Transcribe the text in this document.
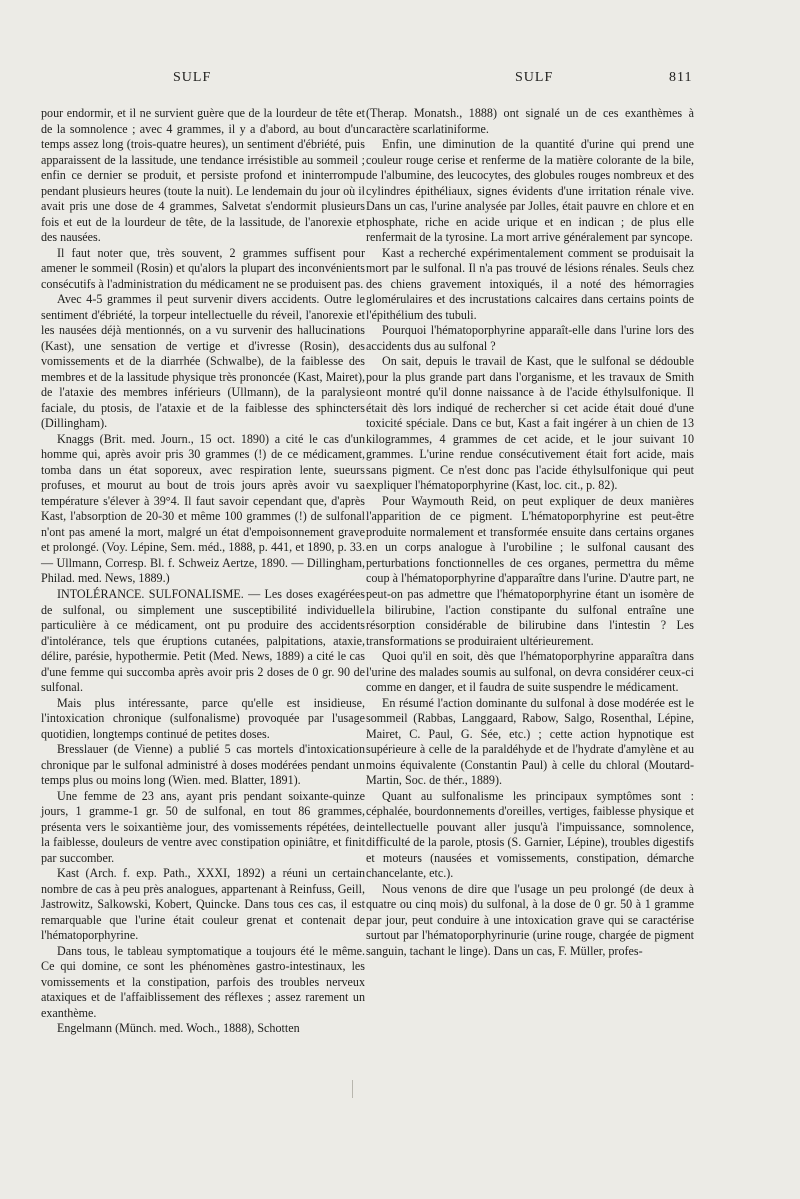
SULF	SULF	811

pour endormir, et il ne survient guère que de la lourdeur de tête et de la somnolence ; avec 4 grammes, il y a d'abord, au bout d'un temps assez long (trois-quatre heures), un sentiment d'ébriété, puis apparaissent de la lassitude, une tendance irrésistible au sommeil ; enfin ce dernier se produit, et persiste profond et ininterrompu pendant plusieurs heures (toute la nuit). Le lendemain du jour où il avait pris une dose de 4 grammes, Salvetat s'endormit plusieurs fois et eut de la lourdeur de tête, de la lassitude, de l'anorexie et des nausées.

Il faut noter que, très souvent, 2 grammes suffisent pour amener le sommeil (Rosin) et qu'alors la plupart des inconvénients consécutifs à l'administration du médicament ne se produisent pas.

Avec 4-5 grammes il peut survenir divers accidents. Outre le sentiment d'ébriété, la torpeur intellectuelle du réveil, l'anorexie et les nausées déjà mentionnés, on a vu survenir des hallucinations (Kast), une sensation de vertige et d'ivresse (Rosin), des vomissements et de la diarrhée (Schwalbe), de la faiblesse des membres et de la lassitude physique très prononcée (Kast, Mairet), de l'ataxie des membres inférieurs (Ullmann), de la paralysie faciale, du ptosis, de l'ataxie et de la faiblesse des sphincters (Dillingham).

Knaggs (Brit. med. Journ., 15 oct. 1890) a cité le cas d'un homme qui, après avoir pris 30 grammes (!) de ce médicament, tomba dans un état soporeux, avec respiration lente, sueurs profuses, et mourut au bout de trois jours après avoir vu sa température s'élever à 39°4. Il faut savoir cependant que, d'après Kast, l'absorption de 20-30 et même 100 grammes (!) de sulfonal n'ont pas amené la mort, malgré un état d'empoisonnement grave et prolongé. (Voy. Lépine, Sem. méd., 1888, p. 441, et 1890, p. 33. — Ullmann, Corresp. Bl. f. Schweiz Aertze, 1890. — Dillingham, Philad. med. News, 1889.)

INTOLÉRANCE. SULFONALISME. — Les doses exagérées de sulfonal, ou simplement une susceptibilité individuelle particulière à ce médicament, ont pu produire des accidents d'intolérance, tels que éruptions cutanées, palpitations, ataxie, délire, parésie, hypothermie. Petit (Med. News, 1889) a cité le cas d'une femme qui succomba après avoir pris 2 doses de 0 gr. 90 de sulfonal.

Mais plus intéressante, parce qu'elle est insidieuse, l'intoxication chronique (sulfonalisme) provoquée par l'usage quotidien, longtemps continué de petites doses.

Bresslauer (de Vienne) a publié 5 cas mortels d'intoxication chronique par le sulfonal administré à doses modérées pendant un temps plus ou moins long (Wien. med. Blatter, 1891).

Une femme de 23 ans, ayant pris pendant soixante-quinze jours, 1 gramme-1 gr. 50 de sulfonal, en tout 86 grammes, présenta vers le soixantième jour, des vomissements répétées, de la faiblesse, douleurs de ventre avec constipation opiniâtre, et finit par succomber.

Kast (Arch. f. exp. Path., XXXI, 1892) a réuni un certain nombre de cas à peu près analogues, appartenant à Reinfuss, Geill, Jastrowitz, Salkowski, Kobert, Quincke. Dans tous ces cas, il est remarquable que l'urine était couleur grenat et contenait de l'hématoporphyrine.

Dans tous, le tableau symptomatique a toujours été le même. Ce qui domine, ce sont les phénomènes gastro-intestinaux, les vomissements et la constipation, parfois des troubles nerveux ataxiques et de l'affaiblissement des réflexes ; assez rarement un exanthème.

Engelmann (Münch. med. Woch., 1888), Schotten

(Therap. Monatsh., 1888) ont signalé un de ces exanthèmes à caractère scarlatiniforme.

Enfin, une diminution de la quantité d'urine qui prend une couleur rouge cerise et renferme de la matière colorante de la bile, de l'albumine, des leucocytes, des globules rouges nombreux et des cylindres épithéliaux, signes évidents d'une irritation rénale vive. Dans un cas, l'urine analysée par Jolles, était pauvre en chlore et en phosphate, riche en acide urique et en indican ; de plus elle renfermait de la tyrosine. La mort arrive généralement par syncope.

Kast a recherché expérimentalement comment se produisait la mort par le sulfonal. Il n'a pas trouvé de lésions rénales. Seuls chez des chiens gravement intoxiqués, il a noté des hémorragies glomérulaires et des incrustations calcaires dans certains points de l'épithélium des tubuli.

Pourquoi l'hématoporphyrine apparaît-elle dans l'urine lors des accidents dus au sulfonal ?

On sait, depuis le travail de Kast, que le sulfonal se dédouble pour la plus grande part dans l'organisme, et les travaux de Smith ont montré qu'il donne naissance à de l'acide éthylsulfonique. Il était dès lors indiqué de rechercher si cet acide était doué d'une toxicité spéciale. Dans ce but, Kast a fait ingérer à un chien de 13 kilogrammes, 4 grammes de cet acide, et le jour suivant 10 grammes. L'urine rendue consécutivement était fort acide, mais sans pigment. Ce n'est donc pas l'acide éthylsulfonique qui peut expliquer l'hématoporphyrine (Kast, loc. cit., p. 82).

Pour Waymouth Reid, on peut expliquer de deux manières l'apparition de ce pigment. L'hématoporphyrine est peut-être produite normalement et transformée ensuite dans certains organes en un corps analogue à l'urobiline ; le sulfonal causant des perturbations fonctionnelles de ces organes, permettra du même coup à l'hématoporphyrine d'apparaître dans l'urine. D'autre part, ne peut-on pas admettre que l'hématoporphyrine étant un isomère de la bilirubine, l'action constipante du sulfonal entraîne une résorption considérable de bilirubine dans l'intestin ? Les transformations se produiraient ultérieurement.

Quoi qu'il en soit, dès que l'hématoporphyrine apparaîtra dans l'urine des malades soumis au sulfonal, on devra considérer ceux-ci comme en danger, et il faudra de suite suspendre le médicament.

En résumé l'action dominante du sulfonal à dose modérée est le sommeil (Rabbas, Langgaard, Rabow, Salgo, Rosenthal, Lépine, Mairet, C. Paul, G. Sée, etc.) ; cette action hypnotique est supérieure à celle de la paraldéhyde et de l'hydrate d'amylène et au moins équivalente (Constantin Paul) à celle du chloral (Moutard-Martin, Soc. de thér., 1889).

Quant au sulfonalisme les principaux symptômes sont : céphalée, bourdonnements d'oreilles, vertiges, faiblesse physique et intellectuelle pouvant aller jusqu'à l'impuissance, somnolence, difficulté de la parole, ptosis (S. Garnier, Lépine), troubles digestifs et moteurs (nausées et vomissements, constipation, démarche chancelante, etc.).

Nous venons de dire que l'usage un peu prolongé (de deux à quatre ou cinq mois) du sulfonal, à la dose de 0 gr. 50 à 1 gramme par jour, peut conduire à une intoxication grave qui se caractérise surtout par l'hématoporphyrinurie (urine rouge, chargée de pigment sanguin, tachant le linge). Dans un cas, F. Müller, profes-
